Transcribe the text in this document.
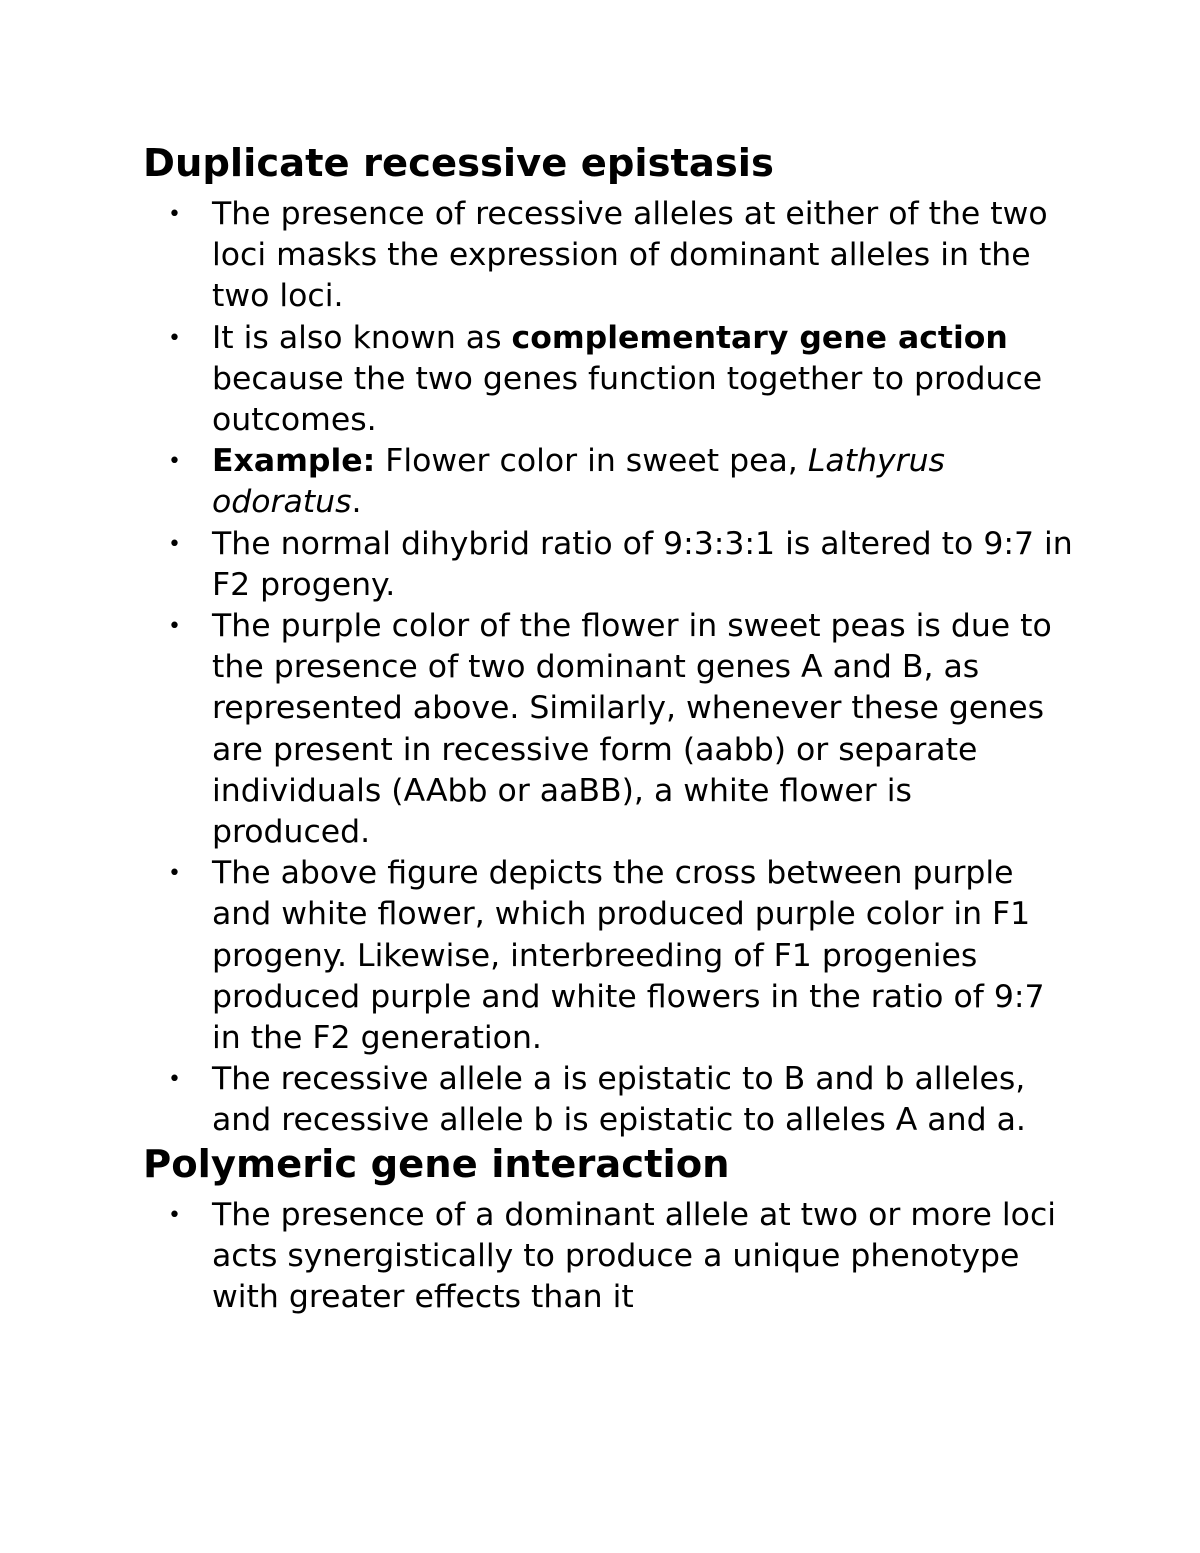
Duplicate recessive epistasis
• The presence of recessive alleles at either of the two loci masks the expression of dominant alleles in the two loci.
• It is also known as complementary gene action because the two genes function together to produce outcomes.
• Example: Flower color in sweet pea, Lathyrus odoratus.
• The normal dihybrid ratio of 9:3:3:1 is altered to 9:7 in F2 progeny.
• The purple color of the flower in sweet peas is due to the presence of two dominant genes A and B, as represented above. Similarly, whenever these genes are present in recessive form (aabb) or separate individuals (AAbb or aaBB), a white flower is produced.
• The above figure depicts the cross between purple and white flower, which produced purple color in F1 progeny. Likewise, interbreeding of F1 progenies produced purple and white flowers in the ratio of 9:7 in the F2 generation.
• The recessive allele a is epistatic to B and b alleles, and recessive allele b is epistatic to alleles A and a.
Polymeric gene interaction
• The presence of a dominant allele at two or more loci acts synergistically to produce a unique phenotype with greater effects than it
